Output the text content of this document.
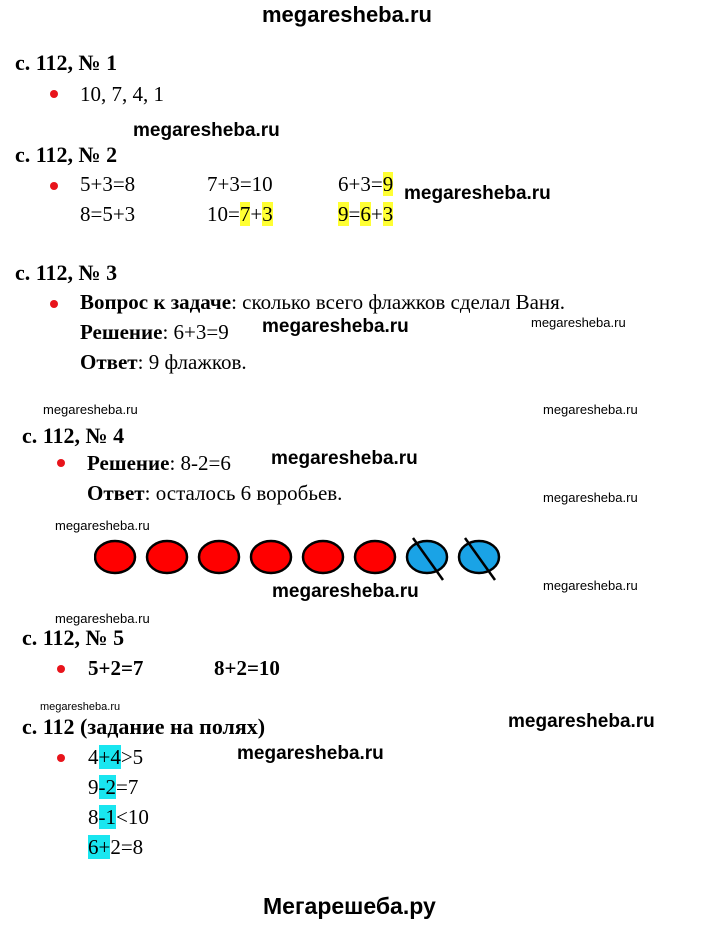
megaresheba.ru
с. 112, № 1
10, 7, 4, 1
megaresheba.ru
с. 112, № 2
5+3=8	7+3=10	6+3=9 megaresheba.ru
8=5+3	10=7+3	9=6+3
с. 112, № 3
Вопрос к задаче: сколько всего флажков сделал Ваня.
Решение: 6+3=9 megaresheba.ru	megaresheba.ru
Ответ: 9 флажков.
megaresheba.ru	megaresheba.ru
с. 112, № 4
Решение: 8-2=6 megaresheba.ru
Ответ: осталось 6 воробьев.	megaresheba.ru
megaresheba.ru
megaresheba.ru	megaresheba.ru
megaresheba.ru
с. 112, № 5
5+2=7	8+2=10
megaresheba.ru
с. 112 (задание на полях)	megaresheba.ru
megaresheba.ru
4+4>5
9-2=7
8-1<10
6+2=8
Мегарешеба.ру
